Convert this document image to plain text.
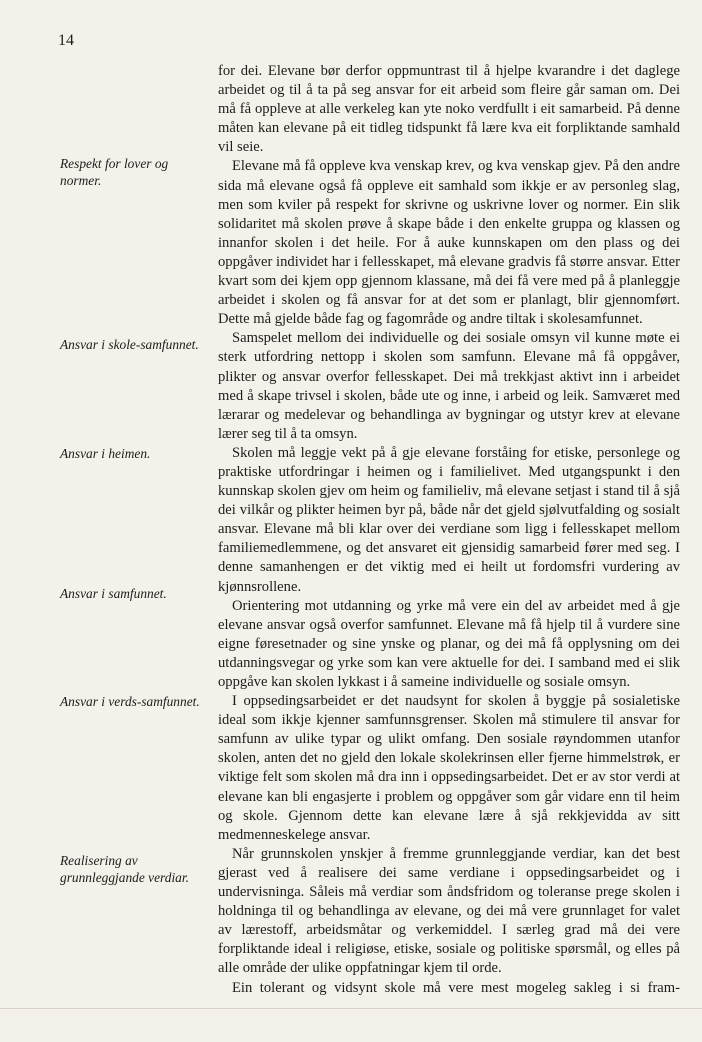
14

Respekt for lover og normer.

Ansvar i skole-samfunnet.

Ansvar i heimen.

Ansvar i samfunnet.

Ansvar i verds-samfunnet.

Realisering av grunnleggjande verdiar.

for dei. Elevane bør derfor oppmuntrast til å hjelpe kvarandre i det daglege arbeidet og til å ta på seg ansvar for eit arbeid som fleire går saman om. Dei må få oppleve at alle verkeleg kan yte noko verdfullt i eit samarbeid. På denne måten kan elevane på eit tidleg tidspunkt få lære kva eit forpliktande samhald vil seie.

Elevane må få oppleve kva venskap krev, og kva venskap gjev. På den andre sida må elevane også få oppleve eit samhald som ikkje er av personleg slag, men som kviler på respekt for skrivne og uskrivne lover og normer. Ein slik solidaritet må skolen prøve å skape både i den enkelte gruppa og klassen og innanfor skolen i det heile. For å auke kunnskapen om den plass og dei oppgåver individet har i fellesskapet, må elevane gradvis få større ansvar. Etter kvart som dei kjem opp gjennom klassane, må dei få vere med på å planleggje arbeidet i skolen og få ansvar for at det som er planlagt, blir gjennomført. Dette må gjelde både fag og fagområde og andre tiltak i skolesamfunnet.

Samspelet mellom dei individuelle og dei sosiale omsyn vil kunne møte ei sterk utfordring nettopp i skolen som samfunn. Elevane må få oppgåver, plikter og ansvar overfor fellesskapet. Dei må trekkjast aktivt inn i arbeidet med å skape trivsel i skolen, både ute og inne, i arbeid og leik. Samværet med lærarar og medelevar og behandlinga av bygningar og utstyr krev at elevane lærer seg til å ta omsyn.

Skolen må leggje vekt på å gje elevane forståing for etiske, personlege og praktiske utfordringar i heimen og i familielivet. Med utgangspunkt i den kunnskap skolen gjev om heim og familieliv, må elevane setjast i stand til å sjå dei vilkår og plikter heimen byr på, både når det gjeld sjølvutfalding og sosialt ansvar. Elevane må bli klar over dei verdiane som ligg i fellesskapet mellom familiemedlemmene, og det ansvaret eit gjensidig samarbeid fører med seg. I denne samanhengen er det viktig med ei heilt ut fordomsfri vurdering av kjønnsrollene.

Orientering mot utdanning og yrke må vere ein del av arbeidet med å gje elevane ansvar også overfor samfunnet. Elevane må få hjelp til å vurdere sine eigne føresetnader og sine ynske og planar, og dei må få opplysning om dei utdanningsvegar og yrke som kan vere aktuelle for dei. I samband med ei slik oppgåve kan skolen lykkast i å sameine individuelle og sosiale omsyn.

I oppsedingsarbeidet er det naudsynt for skolen å byggje på sosialetiske ideal som ikkje kjenner samfunnsgrenser. Skolen må stimulere til ansvar for samfunn av ulike typar og ulikt omfang. Den sosiale røyndommen utanfor skolen, anten det no gjeld den lokale skolekrinsen eller fjerne himmelstrøk, er viktige felt som skolen må dra inn i oppsedingsarbeidet. Det er av stor verdi at elevane kan bli engasjerte i problem og oppgåver som går vidare enn til heim og skole. Gjennom dette kan elevane lære å sjå rekkjevidda av sitt medmenneskelege ansvar.

Når grunnskolen ynskjer å fremme grunnleggjande verdiar, kan det best gjerast ved å realisere dei same verdiane i oppsedingsarbeidet og i undervisninga. Såleis må verdiar som åndsfridom og toleranse prege skolen i holdninga til og behandlinga av elevane, og dei må vere grunnlaget for valet av lærestoff, arbeidsmåtar og verkemiddel. I særleg grad må dei vere forpliktande ideal i religiøse, etiske, sosiale og politiske spørsmål, og elles på alle område der ulike oppfatningar kjem til orde.

Ein tolerant og vidsynt skole må vere mest mogeleg sakleg i si fram-
